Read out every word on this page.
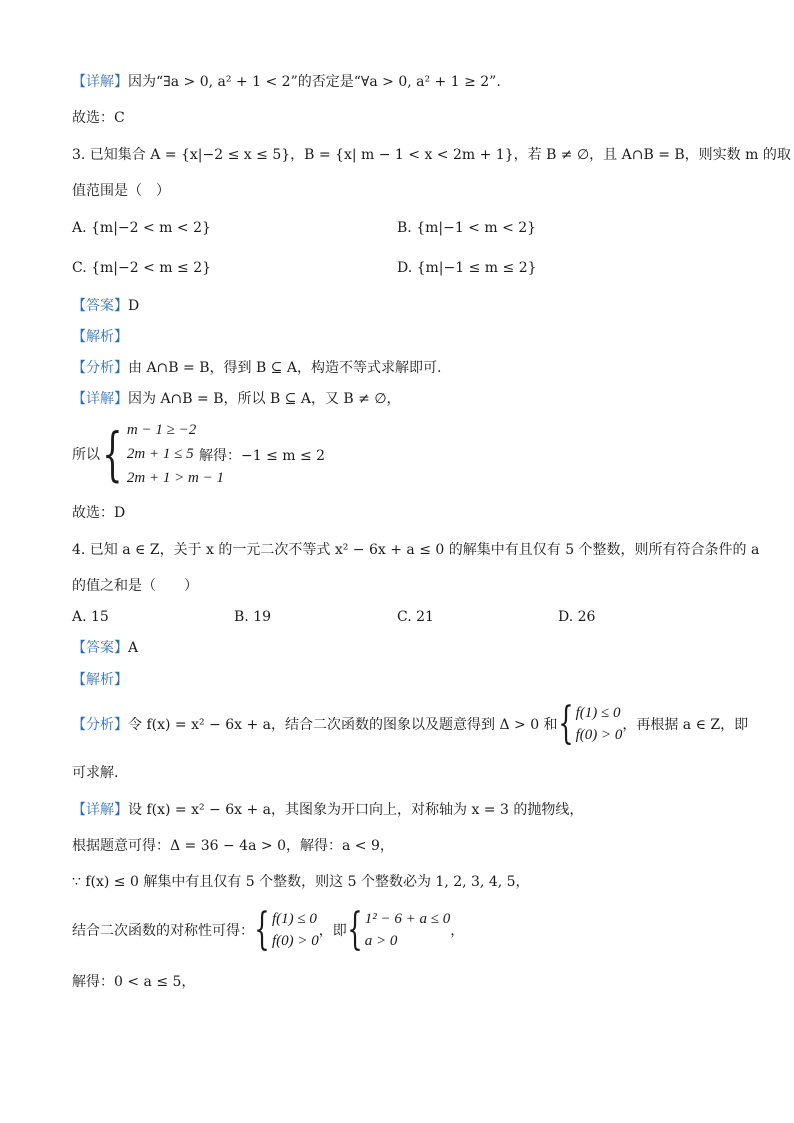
【详解】因为“∃a > 0, a² + 1 < 2”的否定是“∀a > 0, a² + 1 ≥ 2”.
故选：C
3. 已知集合 A = {x|−2 ≤ x ≤ 5}，B = {x| m − 1 < x < 2m + 1}，若 B ≠ ∅，且 A∩B = B，则实数 m 的取
值范围是（　）
A. {m|−2 < m < 2}	B. {m|−1 < m < 2}
C. {m|−2 < m ≤ 2}	D. {m|−1 ≤ m ≤ 2}
【答案】D
【解析】
【分析】由 A∩B = B，得到 B ⊆ A，构造不等式求解即可.
【详解】因为 A∩B = B，所以 B ⊆ A，又 B ≠ ∅，
所以 { m − 1 ≥ −2
2m + 1 ≤ 5
2m + 1 > m − 1
解得：−1 ≤ m ≤ 2
故选：D
4. 已知 a ∈ Z，关于 x 的一元二次不等式 x² − 6x + a ≤ 0 的解集中有且仅有 5 个整数，则所有符合条件的 a
的值之和是（　　）
A. 15	B. 19	C. 21	D. 26
【答案】A
【解析】
【分析】 令 f(x) = x² − 6x + a，结合二次函数的图象以及题意得到 Δ > 0 和 { f(1) ≤ 0
f(0) > 0
，再根据 a ∈ Z，即
可求解.
【详解】设 f(x) = x² − 6x + a，其图象为开口向上，对称轴为 x = 3 的抛物线，
根据题意可得：Δ = 36 − 4a > 0，解得：a < 9，
∵ f(x) ≤ 0 解集中有且仅有 5 个整数，则这 5 个整数必为 1, 2, 3, 4, 5，
结合二次函数的对称性可得： { f(1) ≤ 0
f(0) > 0
，即 { 1² − 6 + a ≤ 0
a > 0
，
解得：0 < a ≤ 5，
